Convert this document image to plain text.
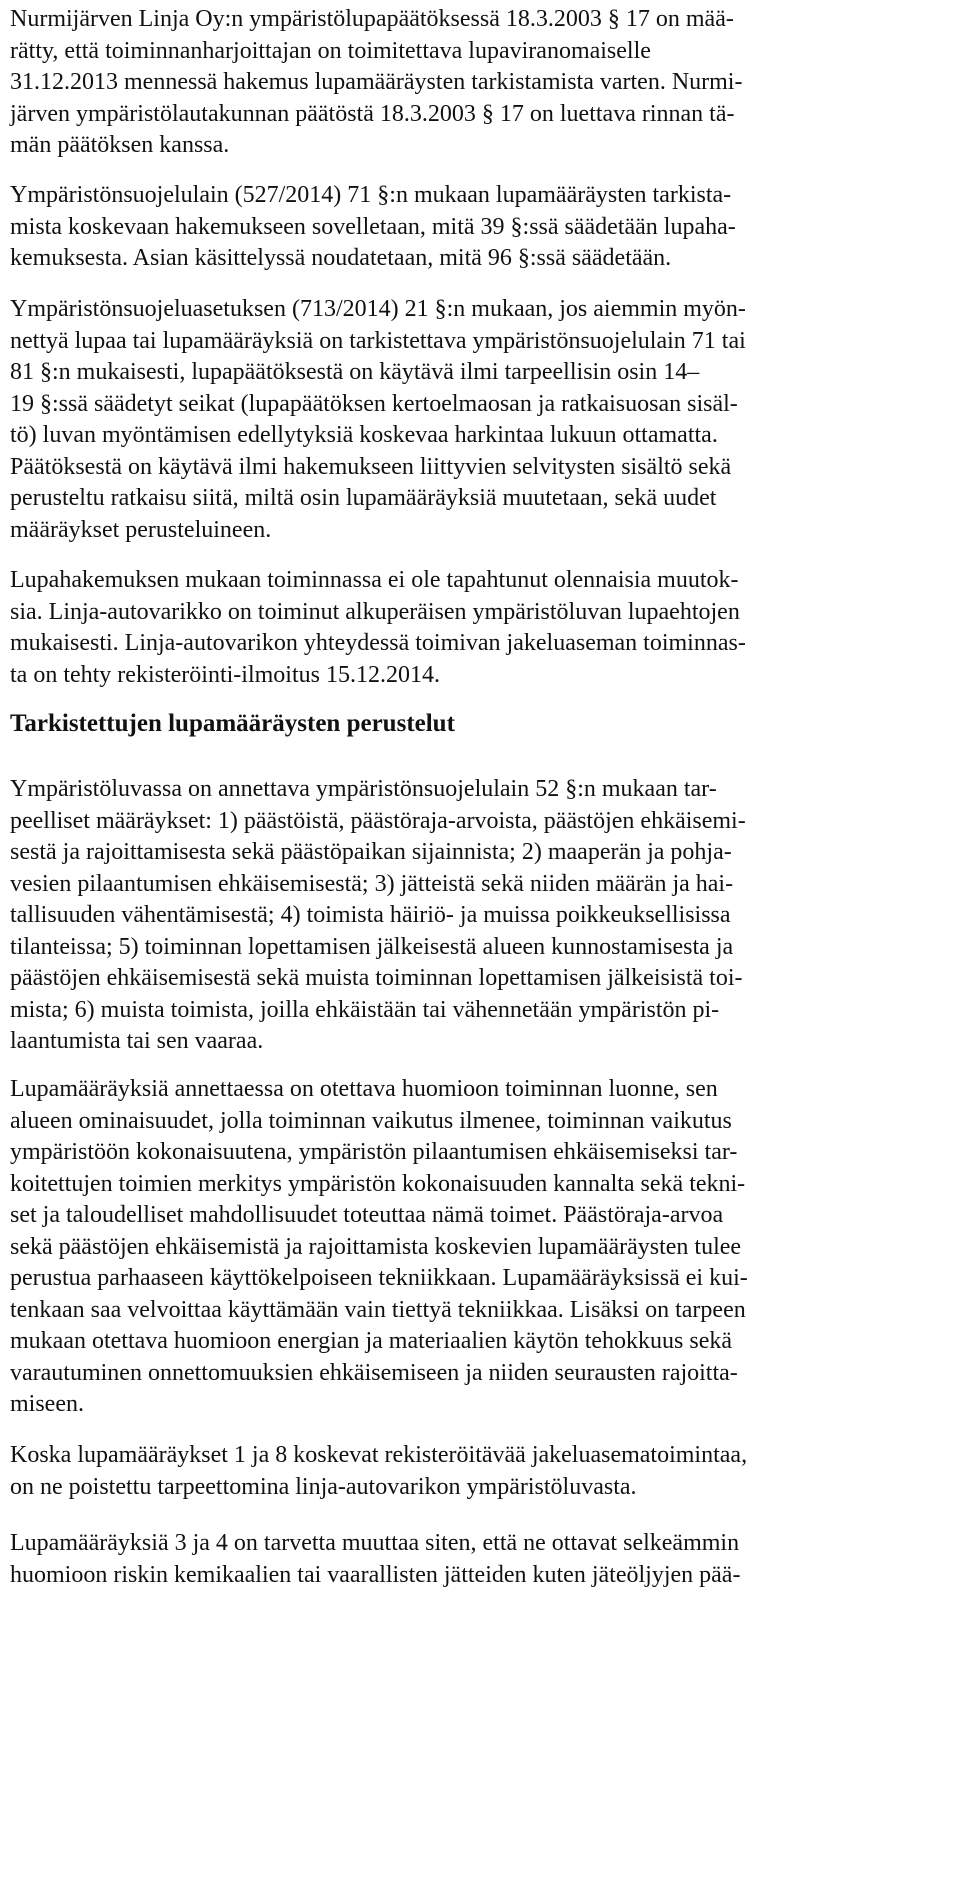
Nurmijärven Linja Oy:n ympäristölupapäätöksessä 18.3.2003 § 17 on mää-
rätty, että toiminnanharjoittajan on toimitettava lupaviranomaiselle
31.12.2013 mennessä hakemus lupamääräysten tarkistamista varten. Nurmi-
järven ympäristölautakunnan päätöstä 18.3.2003 § 17 on luettava rinnan tä-
män päätöksen kanssa.
Ympäristönsuojelulain (527/2014) 71 §:n mukaan lupamääräysten tarkista-
mista koskevaan hakemukseen sovelletaan, mitä 39 §:ssä säädetään lupaha-
kemuksesta. Asian käsittelyssä noudatetaan, mitä 96 §:ssä säädetään.
Ympäristönsuojeluasetuksen (713/2014) 21 §:n mukaan, jos aiemmin myön-
nettyä lupaa tai lupamääräyksiä on tarkistettava ympäristönsuojelulain 71 tai
81 §:n mukaisesti, lupapäätöksestä on käytävä ilmi tarpeellisin osin 14–
19 §:ssä säädetyt seikat (lupapäätöksen kertoelmaosan ja ratkaisuosan sisäl-
tö) luvan myöntämisen edellytyksiä koskevaa harkintaa lukuun ottamatta.
Päätöksestä on käytävä ilmi hakemukseen liittyvien selvitysten sisältö sekä
perusteltu ratkaisu siitä, miltä osin lupamääräyksiä muutetaan, sekä uudet
määräykset perusteluineen.
Lupahakemuksen mukaan toiminnassa ei ole tapahtunut olennaisia muutok-
sia. Linja-autovarikko on toiminut alkuperäisen ympäristöluvan lupaehtojen
mukaisesti. Linja-autovarikon yhteydessä toimivan jakeluaseman toiminnas-
ta on tehty rekisteröinti-ilmoitus 15.12.2014.
Tarkistettujen lupamääräysten perustelut
Ympäristöluvassa on annettava ympäristönsuojelulain 52 §:n mukaan tar-
peelliset määräykset: 1) päästöistä, päästöraja-arvoista, päästöjen ehkäisemi-
sestä ja rajoittamisesta sekä päästöpaikan sijainnista; 2) maaperän ja pohja-
vesien pilaantumisen ehkäisemisestä; 3) jätteistä sekä niiden määrän ja hai-
tallisuuden vähentämisestä; 4) toimista häiriö- ja muissa poikkeuksellisissa
tilanteissa; 5) toiminnan lopettamisen jälkeisestä alueen kunnostamisesta ja
päästöjen ehkäisemisestä sekä muista toiminnan lopettamisen jälkeisistä toi-
mista; 6) muista toimista, joilla ehkäistään tai vähennetään ympäristön pi-
laantumista tai sen vaaraa.
Lupamääräyksiä annettaessa on otettava huomioon toiminnan luonne, sen
alueen ominaisuudet, jolla toiminnan vaikutus ilmenee, toiminnan vaikutus
ympäristöön kokonaisuutena, ympäristön pilaantumisen ehkäisemiseksi tar-
koitettujen toimien merkitys ympäristön kokonaisuuden kannalta sekä tekni-
set ja taloudelliset mahdollisuudet toteuttaa nämä toimet. Päästöraja-arvoa
sekä päästöjen ehkäisemistä ja rajoittamista koskevien lupamääräysten tulee
perustua parhaaseen käyttökelpoiseen tekniikkaan. Lupamääräyksissä ei kui-
tenkaan saa velvoittaa käyttämään vain tiettyä tekniikkaa. Lisäksi on tarpeen
mukaan otettava huomioon energian ja materiaalien käytön tehokkuus sekä
varautuminen onnettomuuksien ehkäisemiseen ja niiden seurausten rajoitta-
miseen.
Koska lupamääräykset 1 ja 8 koskevat rekisteröitävää jakeluasematoimintaa,
on ne poistettu tarpeettomina linja-autovarikon ympäristöluvasta.
Lupamääräyksiä 3 ja 4 on tarvetta muuttaa siten, että ne ottavat selkeämmin
huomioon riskin kemikaalien tai vaarallisten jätteiden kuten jäteöljyjen pää-
